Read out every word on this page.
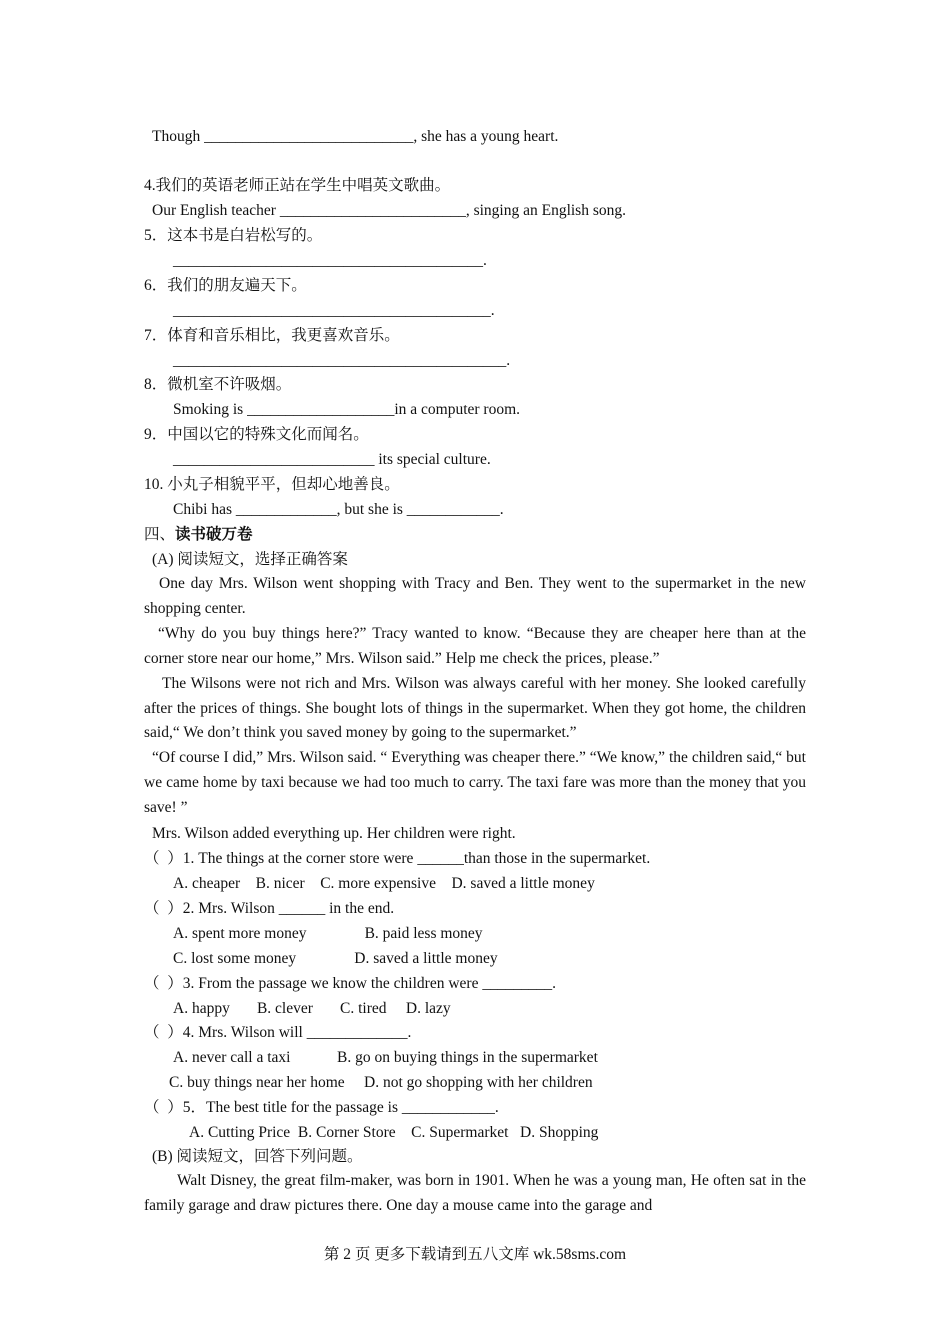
Though ___________________________, she has a young heart.
4.我们的英语老师正站在学生中唱英文歌曲。
Our English teacher ________________________, singing an English song.
5．这本书是白岩松写的。
________________________________________.
6．我们的朋友遍天下。
_________________________________________.
7．体育和音乐相比，我更喜欢音乐。
___________________________________________.
8．微机室不许吸烟。
Smoking is ___________________in a computer room.
9．中国以它的特殊文化而闻名。
__________________________ its special culture.
10. 小丸子相貌平平，但却心地善良。
Chibi has _____________, but she is ____________.
四、读书破万卷
(A) 阅读短文，选择正确答案

One day Mrs. Wilson went shopping with Tracy and Ben. They went to the supermarket in the new shopping center.

“Why do you buy things here?” Tracy wanted to know. “Because they are cheaper here than at the corner store near our home,” Mrs. Wilson said.” Help me check the prices, please.”

The Wilsons were not rich and Mrs. Wilson was always careful with her money. She looked carefully after the prices of things. She bought lots of things in the supermarket. When they got home, the children said,“ We don’t think you saved money by going to the supermarket.”

“Of course I did,” Mrs. Wilson said. “ Everything was cheaper there.” “We know,” the children said,“ but we came home by taxi because we had too much to carry. The taxi fare was more than the money that you save! ”

Mrs. Wilson added everything up. Her children were right.
（  ）1. The things at the corner store were ______than those in the supermarket.
A. cheaper    B. nicer    C. more expensive    D. saved a little money
（  ）2. Mrs. Wilson ______ in the end.
A. spent more money               B. paid less money
C. lost some money               D. saved a little money
（  ）3. From the passage we know the children were _________.
A. happy       B. clever       C. tired     D. lazy
（  ）4. Mrs. Wilson will _____________.
A. never call a taxi            B. go on buying things in the supermarket
C. buy things near her home     D. not go shopping with her children
（  ）5．The best title for the passage is ____________.
A. Cutting Price  B. Corner Store    C. Supermarket   D. Shopping
(B) 阅读短文，回答下列问题。

Walt Disney, the great film-maker, was born in 1901. When he was a young man, He often sat in the family garage and draw pictures there. One day a mouse came into the garage and

第 2 页 更多下载请到五八文库 wk.58sms.com
